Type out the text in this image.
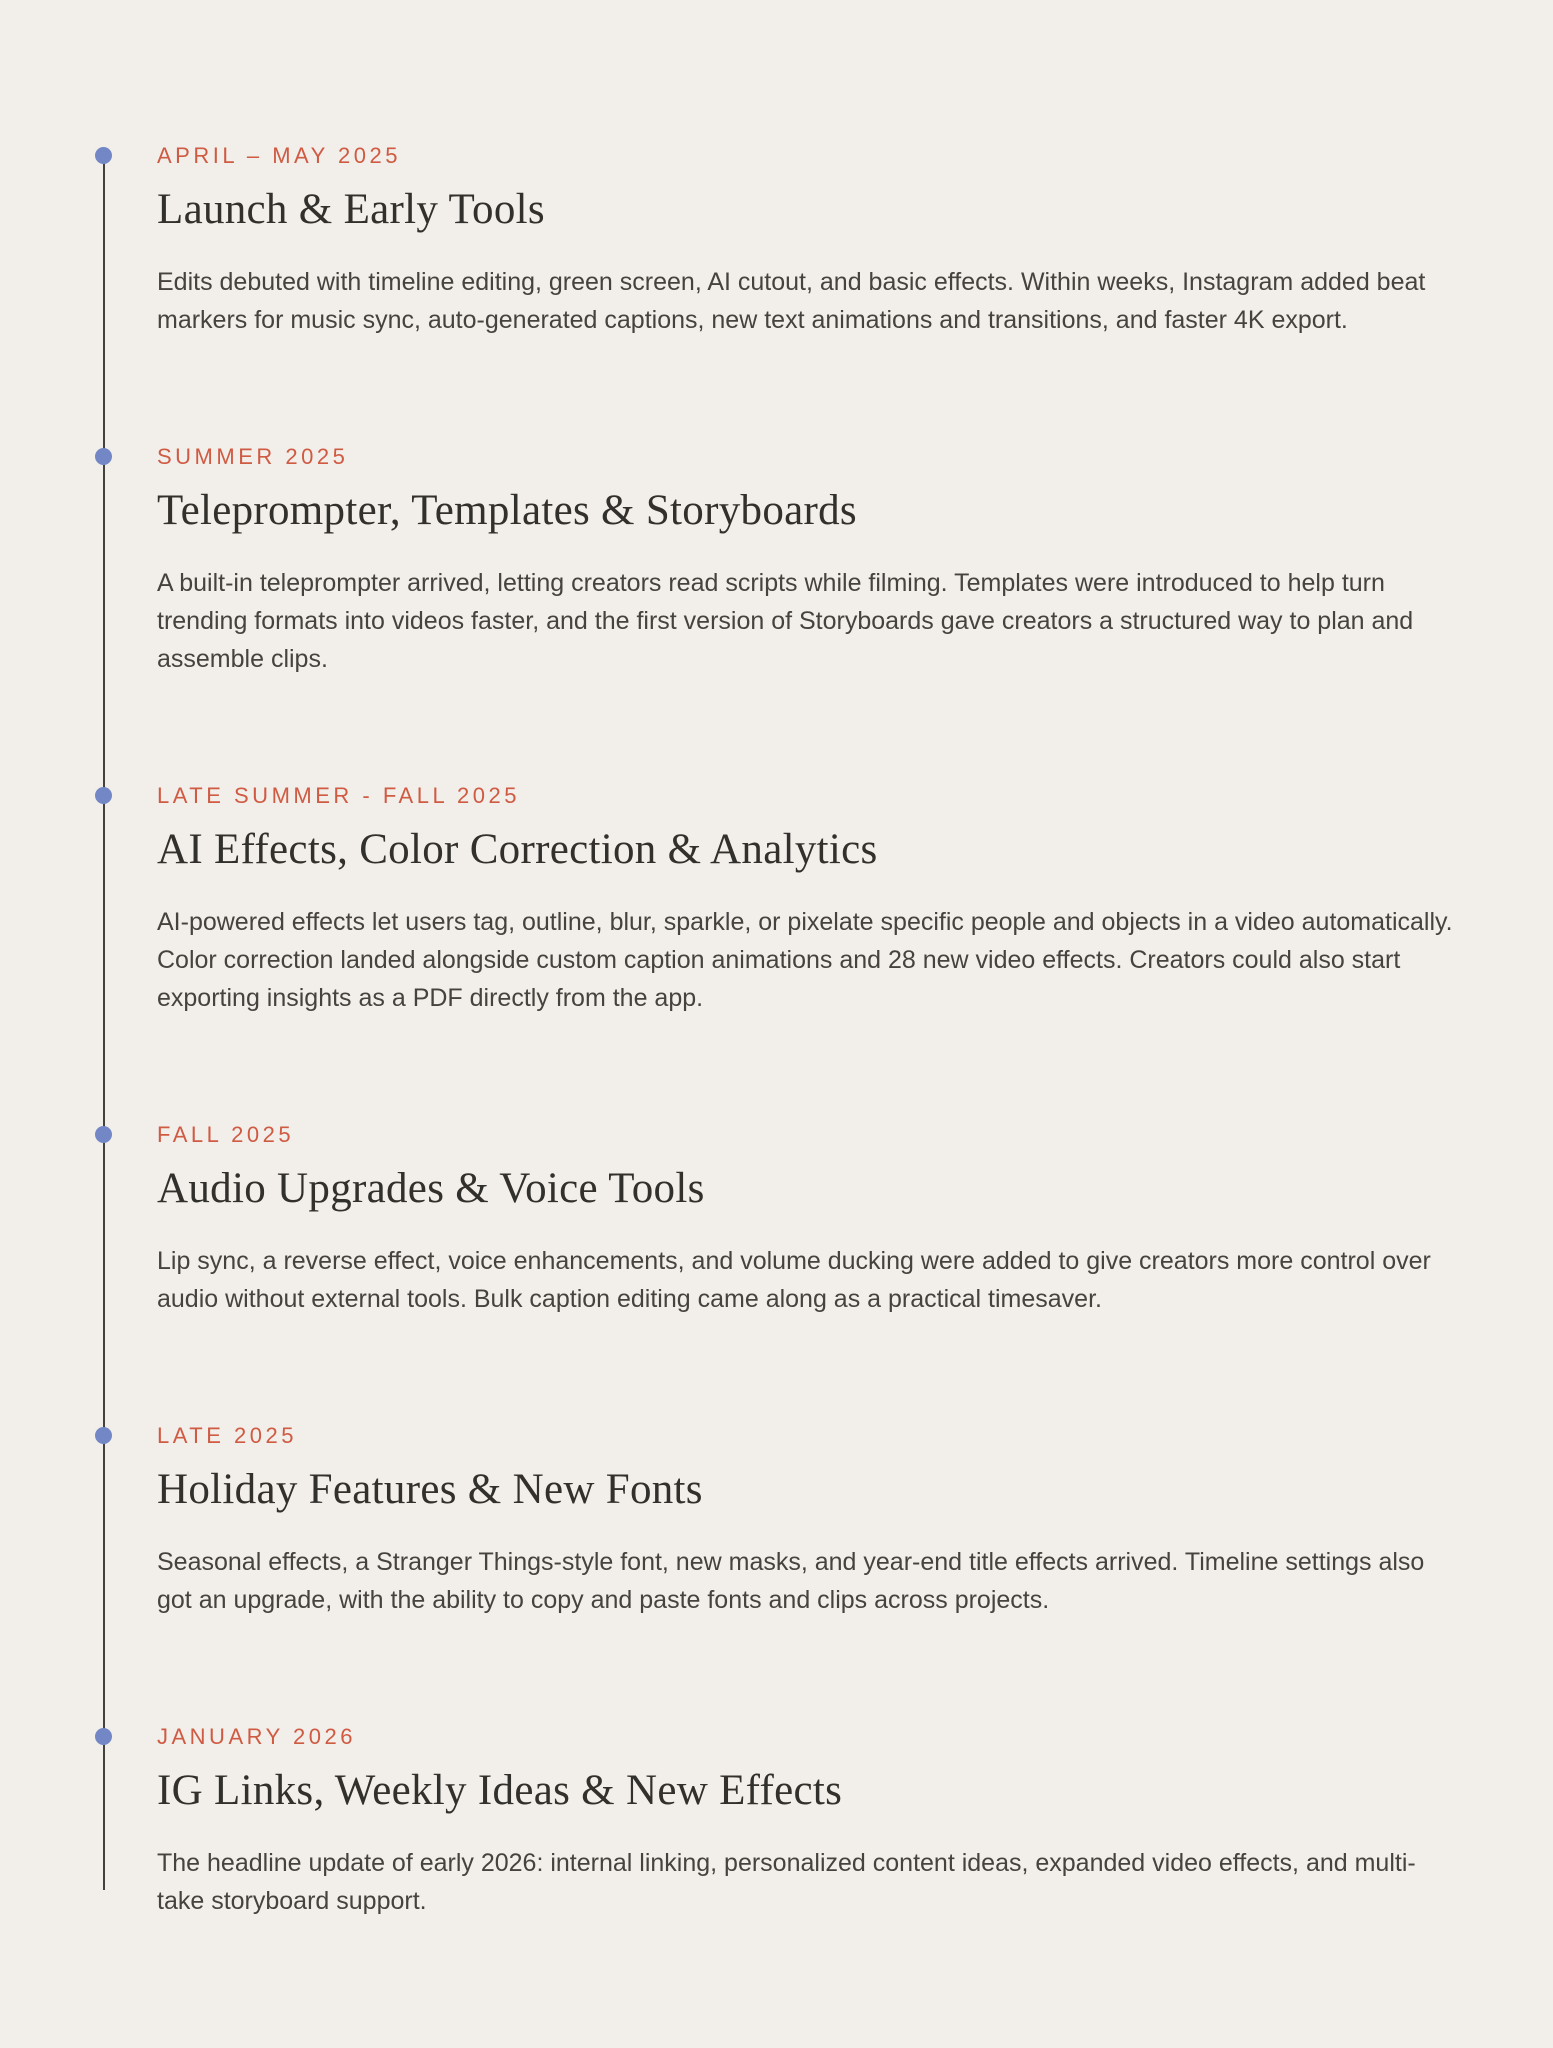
APRIL – MAY 2025
Launch & Early Tools

Edits debuted with timeline editing, green screen, AI cutout, and basic effects. Within weeks, Instagram added beat markers for music sync, auto-generated captions, new text animations and transitions, and faster 4K export.

SUMMER 2025
Teleprompter, Templates & Storyboards

A built-in teleprompter arrived, letting creators read scripts while filming. Templates were introduced to help turn trending formats into videos faster, and the first version of Storyboards gave creators a structured way to plan and assemble clips.

LATE SUMMER - FALL 2025
AI Effects, Color Correction & Analytics

AI-powered effects let users tag, outline, blur, sparkle, or pixelate specific people and objects in a video automatically. Color correction landed alongside custom caption animations and 28 new video effects. Creators could also start exporting insights as a PDF directly from the app.

FALL 2025
Audio Upgrades & Voice Tools

Lip sync, a reverse effect, voice enhancements, and volume ducking were added to give creators more control over audio without external tools. Bulk caption editing came along as a practical timesaver.

LATE 2025
Holiday Features & New Fonts

Seasonal effects, a Stranger Things-style font, new masks, and year-end title effects arrived. Timeline settings also got an upgrade, with the ability to copy and paste fonts and clips across projects.

JANUARY 2026
IG Links, Weekly Ideas & New Effects

The headline update of early 2026: internal linking, personalized content ideas, expanded video effects, and multi-take storyboard support.
